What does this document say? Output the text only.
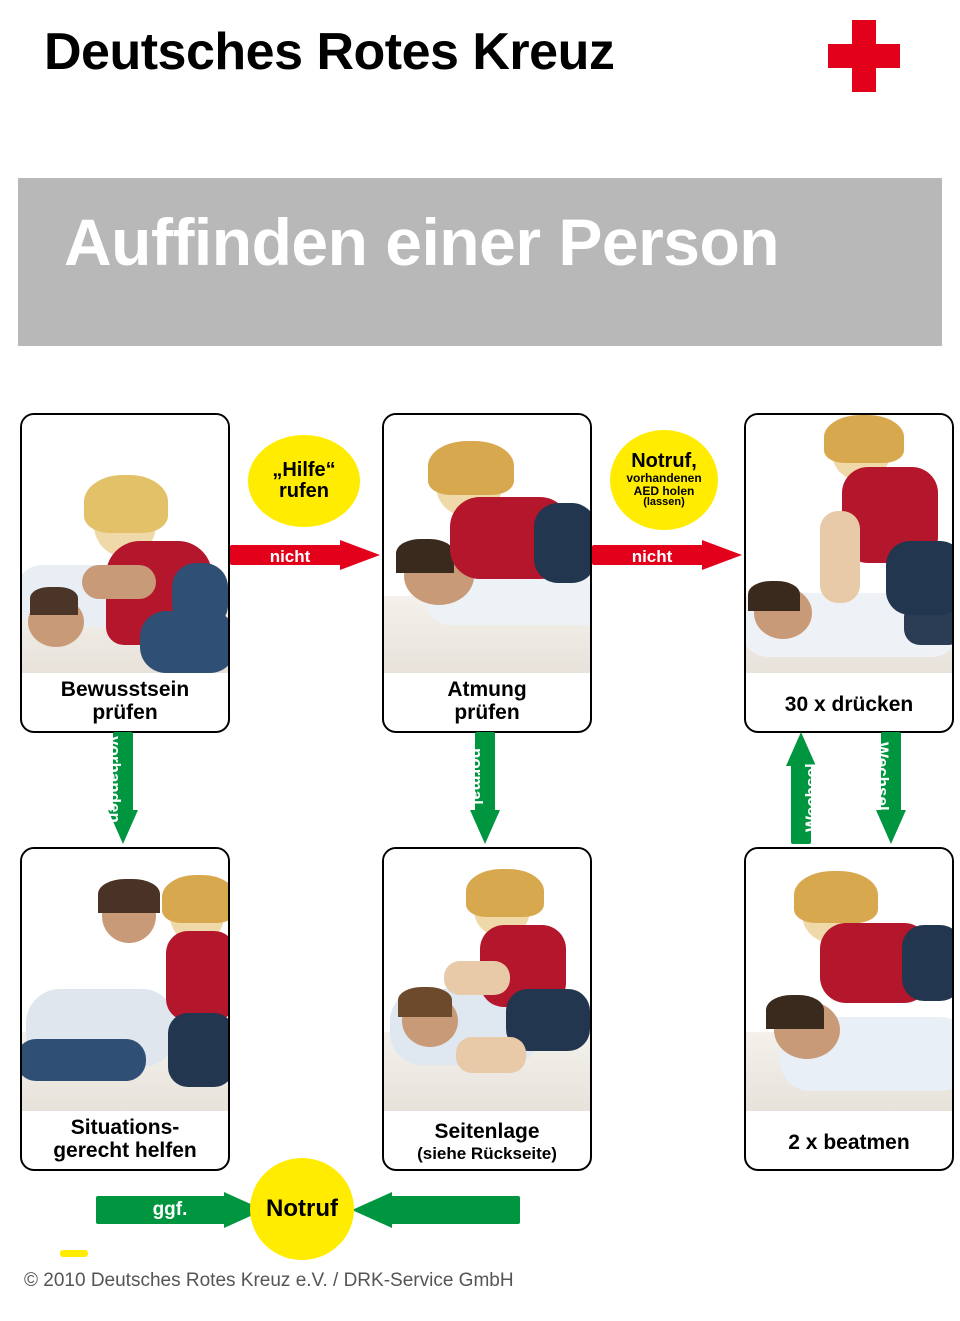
Deutsches Rotes Kreuz
Auffinden einer Person
Bewusstsein
prüfen
Atmung
prüfen	30 x drücken
Situations-
gerecht helfen
Seitenlage
(siehe Rückseite)	2 x beatmen
nicht
vorhanden
nicht
normal
„Hilfe“
rufen
Notruf,
vorhandenen
AED holen
(lassen)
vorhanden	normal	Wechsel	Wechsel
ggf.	Notruf
© 2010 Deutsches Rotes Kreuz e.V. / DRK-Service GmbH
